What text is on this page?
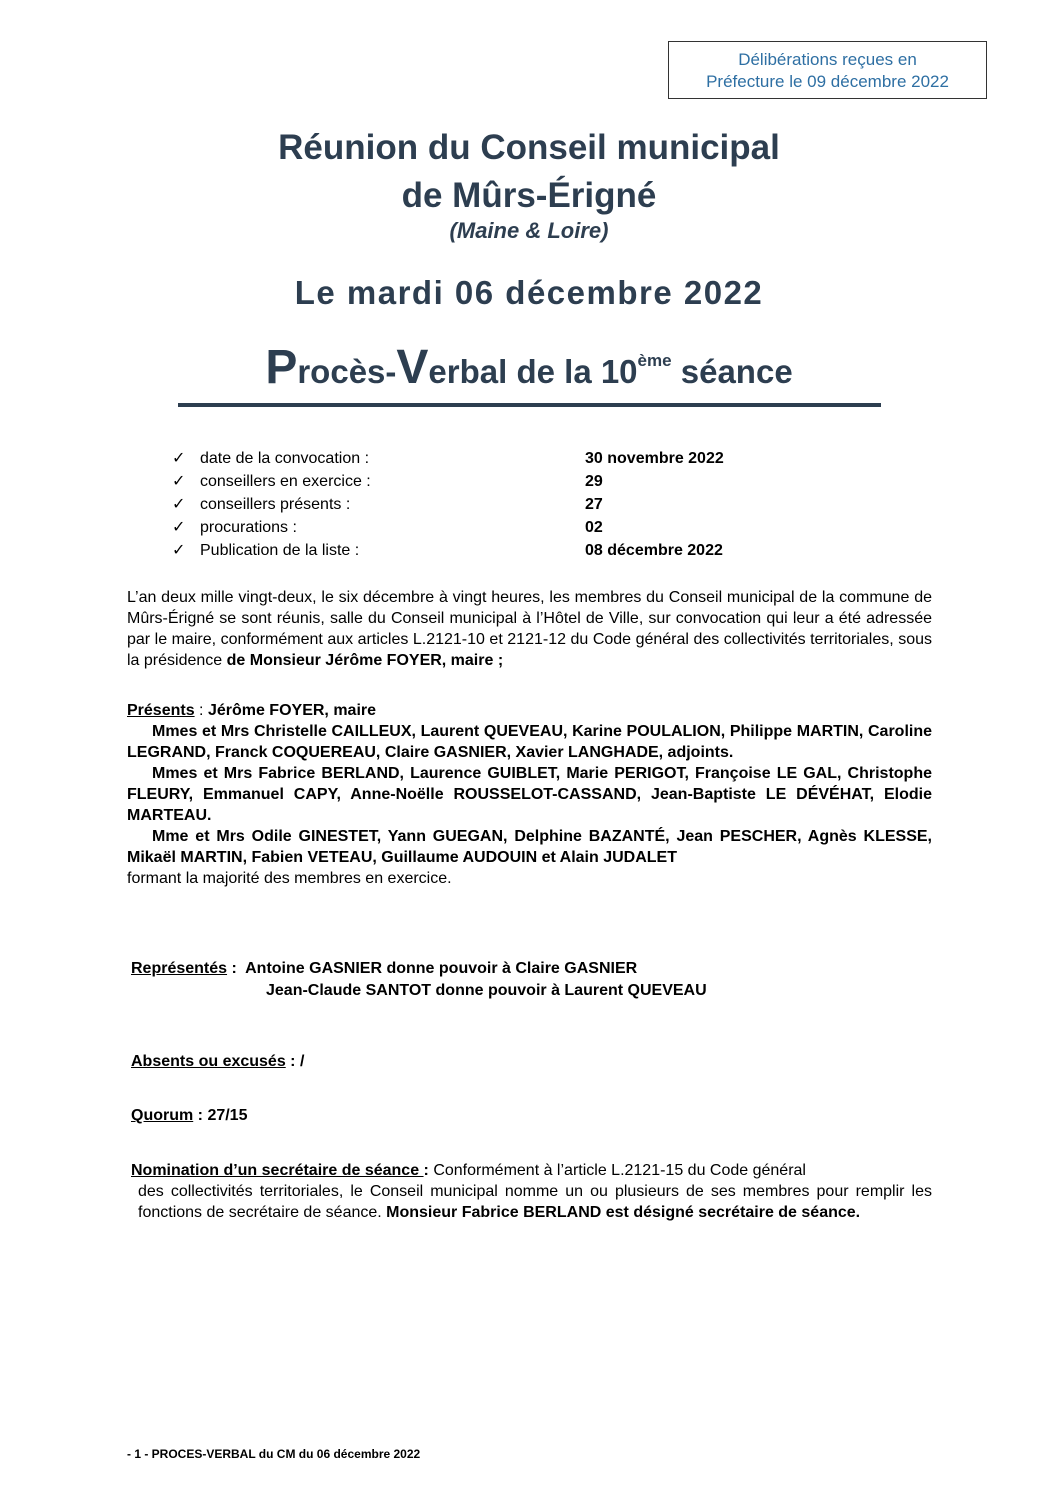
Délibérations reçues en
Préfecture le 09 décembre 2022
Réunion du Conseil municipal
de Mûrs-Érigné
(Maine & Loire)
Le mardi 06 décembre 2022
Procès-Verbal de la 10ème séance
✓ date de la convocation :	30 novembre 2022
✓ conseillers en exercice :	29
✓ conseillers présents :	27
✓ procurations :	02
✓ Publication de la liste :	08 décembre 2022
L’an deux mille vingt-deux, le six décembre à vingt heures, les membres du Conseil municipal de la commune de Mûrs-Érigné se sont réunis, salle du Conseil municipal à l’Hôtel de Ville, sur convocation qui leur a été adressée par le maire, conformément aux articles L.2121-10 et 2121-12 du Code général des collectivités territoriales, sous la présidence de Monsieur Jérôme FOYER, maire ;
Présents : Jérôme FOYER, maire
Mmes et Mrs Christelle CAILLEUX, Laurent QUEVEAU, Karine POULALION, Philippe MARTIN, Caroline LEGRAND, Franck COQUEREAU, Claire GASNIER, Xavier LANGHADE, adjoints.
Mmes et Mrs Fabrice BERLAND, Laurence GUIBLET, Marie PERIGOT, Françoise LE GAL, Christophe FLEURY, Emmanuel CAPY, Anne-Noëlle ROUSSELOT-CASSAND, Jean-Baptiste LE DÉVÉHAT, Elodie MARTEAU.
Mme et Mrs Odile GINESTET, Yann GUEGAN, Delphine BAZANTÉ, Jean PESCHER, Agnès KLESSE, Mikaël MARTIN, Fabien VETEAU, Guillaume AUDOUIN et Alain JUDALET
formant la majorité des membres en exercice.
Représentés :  Antoine GASNIER donne pouvoir à Claire GASNIER
Jean-Claude SANTOT donne pouvoir à Laurent QUEVEAU
Absents ou excusés : /
Quorum : 27/15
Nomination d’un secrétaire de séance : Conformément à l’article L.2121-15 du Code général
des collectivités territoriales, le Conseil municipal nomme un ou plusieurs de ses membres pour remplir les fonctions de secrétaire de séance. Monsieur Fabrice BERLAND est désigné secrétaire de séance.
- 1 - PROCES-VERBAL du CM du 06 décembre 2022
